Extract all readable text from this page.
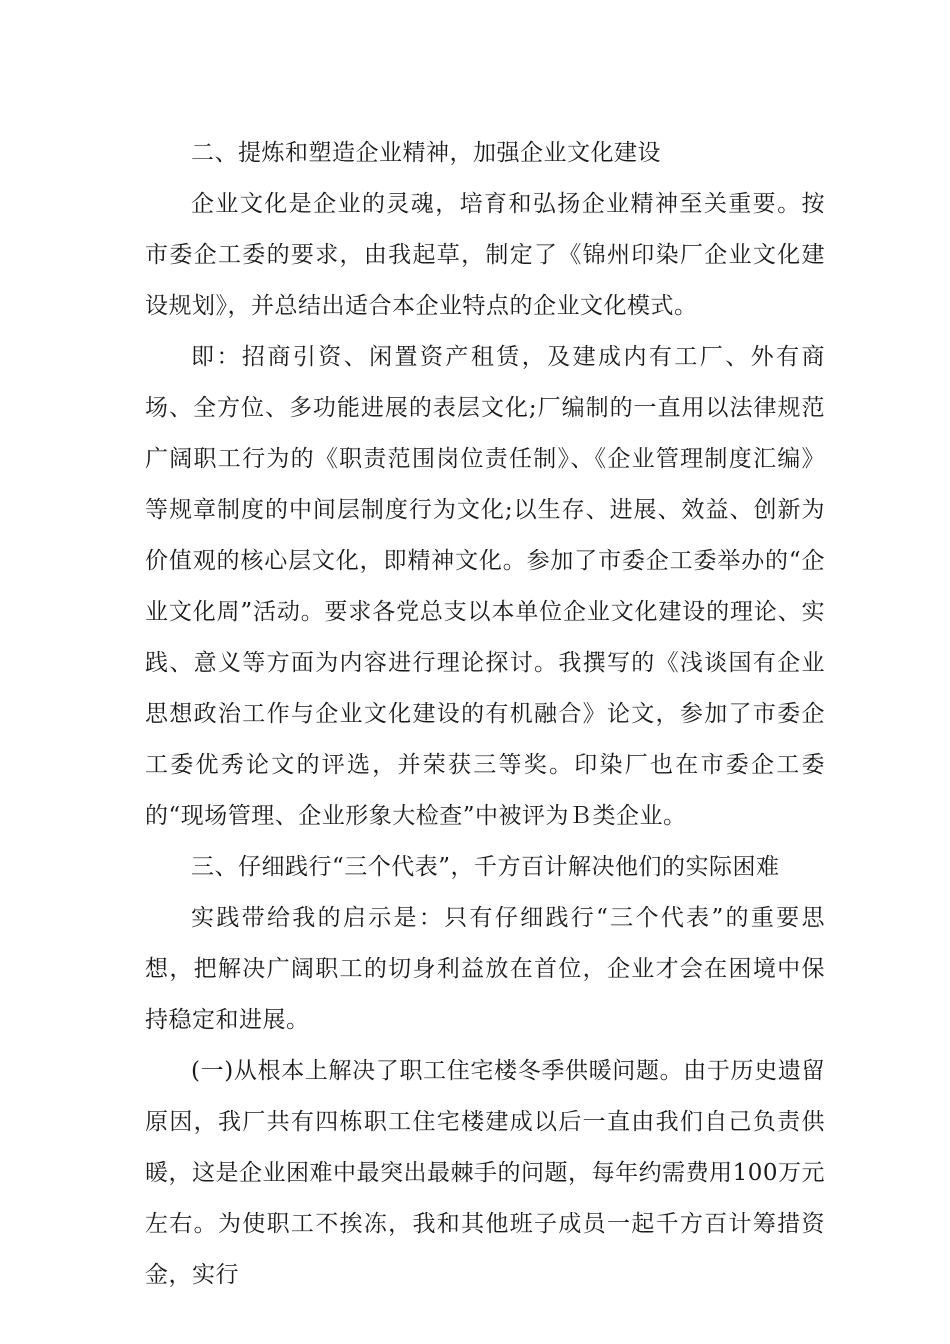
二、提炼和塑造企业精神，加强企业文化建设

企业文化是企业的灵魂，培育和弘扬企业精神至关重要。按市委企工委的要求，由我起草，制定了《锦州印染厂企业文化建设规划》，并总结出适合本企业特点的企业文化模式。

即：招商引资、闲置资产租赁，及建成内有工厂、外有商场、全方位、多功能进展的表层文化;厂编制的一直用以法律规范广阔职工行为的《职责范围岗位责任制》、《企业管理制度汇编》等规章制度的中间层制度行为文化;以生存、进展、效益、创新为价值观的核心层文化，即精神文化。参加了市委企工委举办的“企业文化周”活动。要求各党总支以本单位企业文化建设的理论、实践、意义等方面为内容进行理论探讨。我撰写的《浅谈国有企业思想政治工作与企业文化建设的有机融合》论文，参加了市委企工委优秀论文的评选，并荣获三等奖。印染厂也在市委企工委的“现场管理、企业形象大检查”中被评为Ｂ类企业。

三、仔细践行“三个代表”，千方百计解决他们的实际困难

实践带给我的启示是：只有仔细践行“三个代表”的重要思想，把解决广阔职工的切身利益放在首位，企业才会在困境中保持稳定和进展。

(一)从根本上解决了职工住宅楼冬季供暖问题。由于历史遗留原因，我厂共有四栋职工住宅楼建成以后一直由我们自己负责供暖，这是企业困难中最突出最棘手的问题，每年约需费用100万元左右。为使职工不挨冻，我和其他班子成员一起千方百计筹措资金，实行
